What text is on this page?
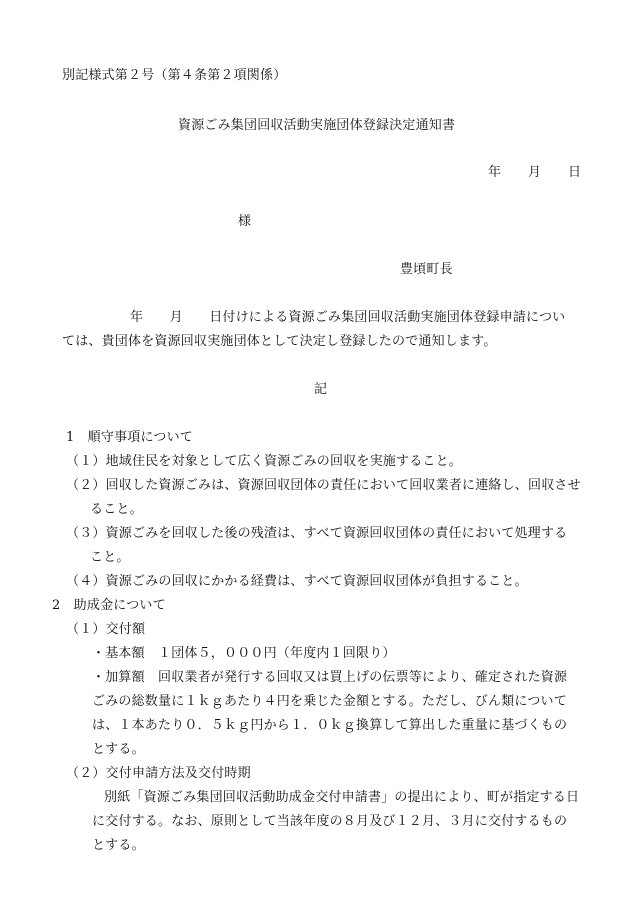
別記様式第２号（第４条第２項関係）
資源ごみ集団回収活動実施団体登録決定通知書
年 月 日
様
豊頃町長
年　　月　　日付けによる資源ごみ集団回収活動実施団体登録申請につい
ては、貴団体を資源回収実施団体として決定し登録したので通知します。
記
1　順守事項について
（１）地域住民を対象として広く資源ごみの回収を実施すること。
（２）回収した資源ごみは、資源回収団体の責任において回収業者に連絡し、回収させ
ること。
（３）資源ごみを回収した後の残渣は、すべて資源回収団体の責任において処理する
こと。
（４）資源ごみの回収にかかる経費は、すべて資源回収団体が負担すること。
2　助成金について
（１）交付額
・基本額　１団体５，０００円（年度内１回限り）
・加算額　回収業者が発行する回収又は買上げの伝票等により、確定された資源
ごみの総数量に１ｋｇあたり４円を乗じた金額とする。ただし、びん類について
は、１本あたり０．５ｋｇ円から１．０ｋｇ換算して算出した重量に基づくもの
とする。
（２）交付申請方法及交付時期
別紙「資源ごみ集団回収活動助成金交付申請書」の提出により、町が指定する日
に交付する。なお、原則として当該年度の８月及び１２月、３月に交付するもの
とする。
